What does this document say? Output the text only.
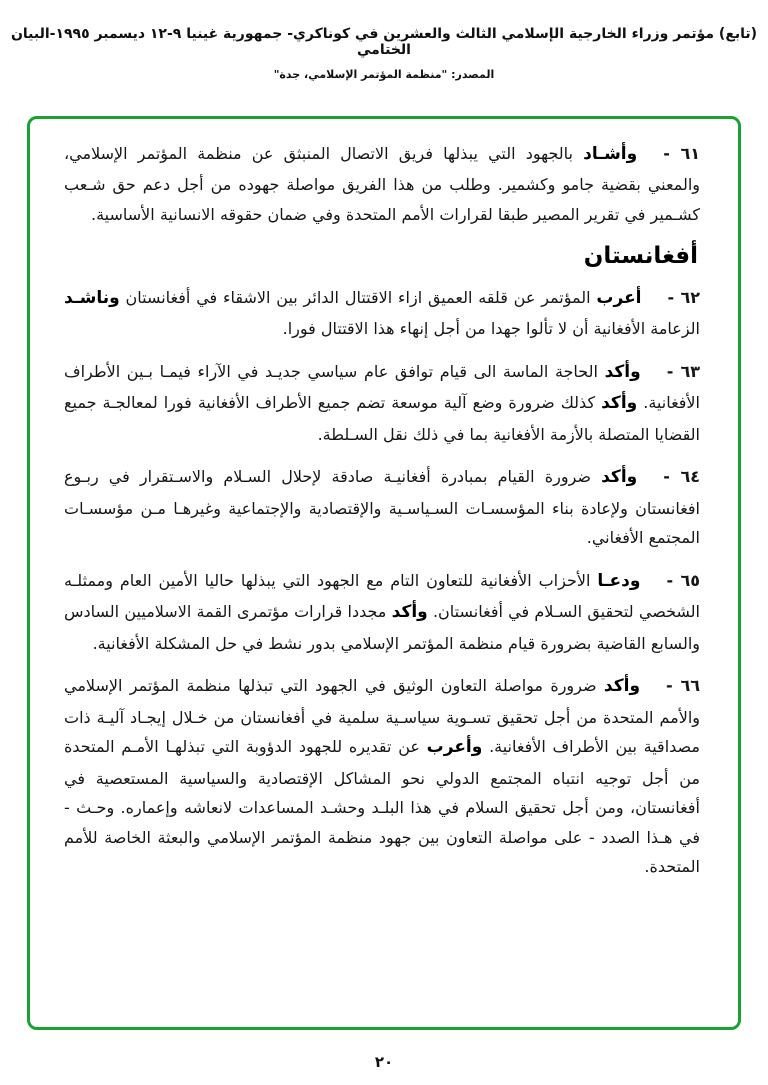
(تابع) مؤتمر وزراء الخارجية الإسلامي الثالث والعشرين في كوناكري- جمهورية غينيا ٩-١٢ ديسمبر ١٩٩٥-البيان الختامي
المصدر: "منظمة المؤتمر الإسلامي، جدة"

٦١ -وأشـاد بالجهود التي يبذلها فريق الاتصال المنبثق عن منظمة المؤتمر الإسلامي، والمعني بقضية جامو وكشمير. وطلب من هذا الفريق مواصلة جهوده من أجل دعم حق شـعب كشـمير في تقرير المصير طبقا لقرارات الأمم المتحدة وفي ضمان حقوقه الانسانية الأساسية.

أفغانستان

٦٢ -أعرب المؤتمر عن قلقه العميق ازاء الاقتتال الدائر بين الاشقاء في أفغانستان وناشـد الزعامة الأفغانية أن لا تألوا جهدا من أجل إنهاء هذا الاقتتال فورا.

٦٣ -وأكد الحاجة الماسة الى قيام توافق عام سياسي جديـد في الآراء فيمـا بـين الأطراف الأفغانية. وأكد كذلك ضرورة وضع آلية موسعة تضم جميع الأطراف الأفغانية فورا لمعالجـة جميع القضايا المتصلة بالأزمة الأفغانية بما في ذلك نقل السـلطة.

٦٤ -وأكد ضرورة القيام بمبادرة أفغانيـة صادقة لإحلال السـلام والاسـتقرار في ربـوع افغانستان ولإعادة بناء المؤسسـات السـياسـية والإقتصادية والإجتماعية وغيرهـا مـن مؤسسـات المجتمع الأفغاني.

٦٥ -ودعـا الأحزاب الأفغانية للتعاون التام مع الجهود التي يبذلها حاليا الأمين العام وممثلـه الشخصي لتحقيق السـلام في أفغانستان. وأكد مجددا قرارات مؤتمرى القمة الاسلاميين السادس والسابع القاضية بضرورة قيام منظمة المؤتمر الإسلامي بدور نشط في حل المشكلة الأفغانية.

٦٦ -وأكد ضرورة مواصلة التعاون الوثيق في الجهود التي تبذلها منظمة المؤتمر الإسلامي والأمم المتحدة من أجل تحقيق تسـوية سياسـية سلمية في أفغانستان من خـلال إيجـاد آليـة ذات مصداقية بين الأطراف الأفغانية. وأعرب عن تقديره للجهود الدؤوبة التي تبذلهـا الأمـم المتحدة من أجل توجيه انتباه المجتمع الدولي نحو المشاكل الإقتصادية والسياسية المستعصية في أفغانستان، ومن أجل تحقيق السلام في هذا البلـد وحشـد المساعدات لانعاشه وإعماره. وحـث - في هـذا الصدد - على مواصلة التعاون بين جهود منظمة المؤتمر الإسلامي والبعثة الخاصة للأمم المتحدة.

٢٠
